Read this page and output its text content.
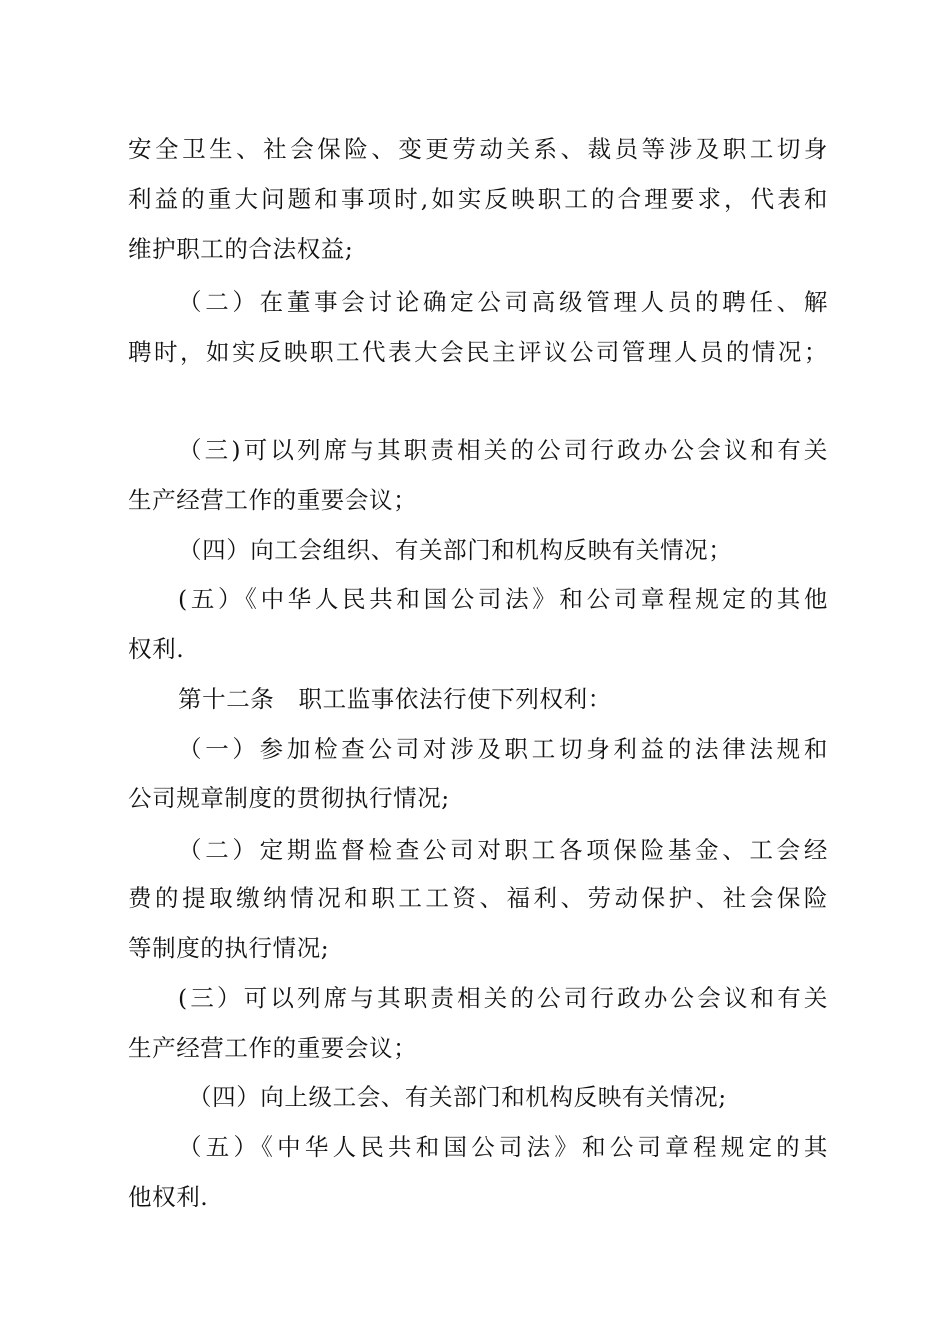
安全卫生、社会保险、变更劳动关系、裁员等涉及职工切身
利益的重大问题和事项时,如实反映职工的合理要求，代表和
维护职工的合法权益;
（二）在董事会讨论确定公司高级管理人员的聘任、解
聘时，如实反映职工代表大会民主评议公司管理人员的情况；
（三)可以列席与其职责相关的公司行政办公会议和有关
生产经营工作的重要会议；
（四）向工会组织、有关部门和机构反映有关情况；
(五）《中华人民共和国公司法》和公司章程规定的其他
权利.
第十二条　职工监事依法行使下列权利：
（一）参加检查公司对涉及职工切身利益的法律法规和
公司规章制度的贯彻执行情况;
（二）定期监督检查公司对职工各项保险基金、工会经
费的提取缴纳情况和职工工资、福利、劳动保护、社会保险
等制度的执行情况;
(三）可以列席与其职责相关的公司行政办公会议和有关
生产经营工作的重要会议；
（四）向上级工会、有关部门和机构反映有关情况;
（五）《中华人民共和国公司法》和公司章程规定的其
他权利.
